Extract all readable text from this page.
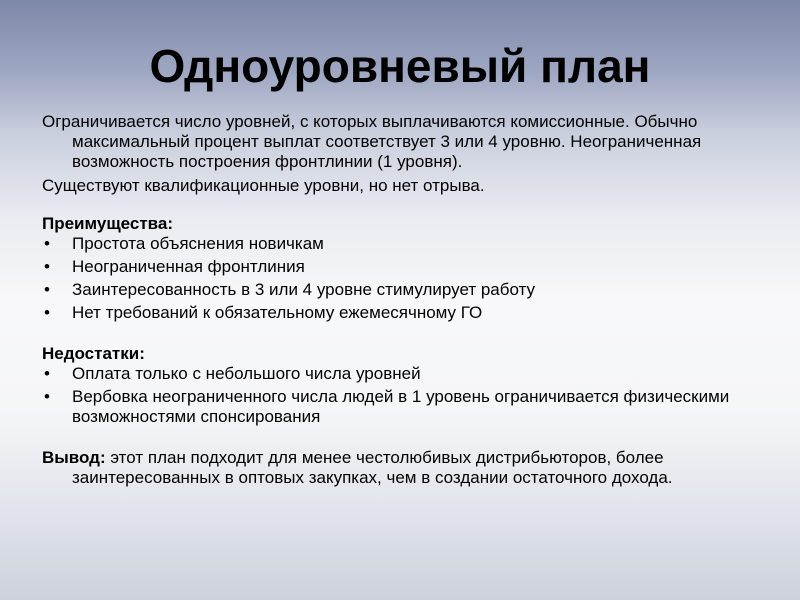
Одноуровневый план

Ограничивается число уровней, с которых выплачиваются комиссионные. Обычно максимальный процент выплат соответствует 3 или 4 уровню. Неограниченная возможность построения фронтлинии (1 уровня).

Существуют квалификационные уровни, но нет отрыва.

Преимущества:

•	Простота объяснения новичкам
•	Неограниченная фронтлиния
•	Заинтересованность в 3 или 4 уровне стимулирует работу
•	Нет требований к обязательному ежемесячному ГО

Недостатки:

•	Оплата только с небольшого числа уровней
•	Вербовка неограниченного числа людей в 1 уровень ограничивается физическими возможностями спонсирования

Вывод: этот план подходит для менее честолюбивых дистрибьюторов, более заинтересованных в оптовых закупках, чем в создании остаточного дохода.
